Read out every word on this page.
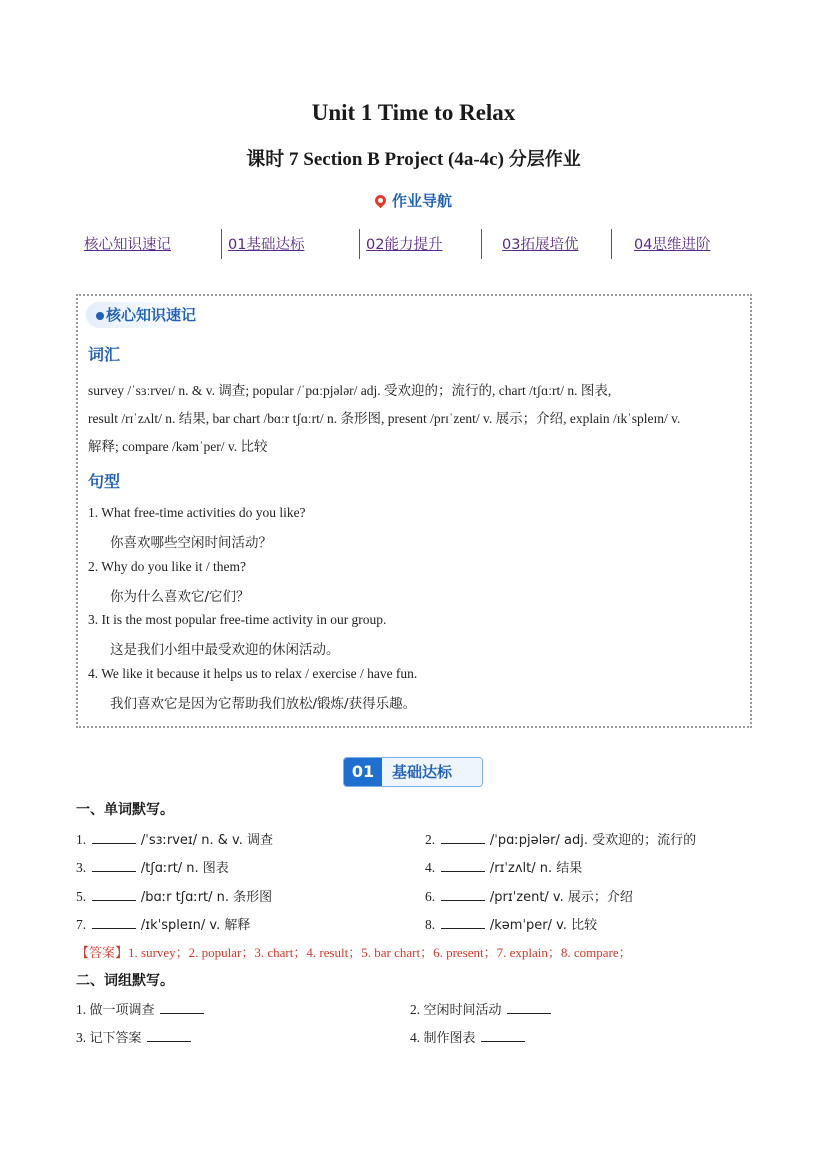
Unit 1 Time to Relax
课时 7 Section B Project (4a-4c) 分层作业
作业导航
核心知识速记	01基础达标	02能力提升	03拓展培优	04思维进阶
核心知识速记
词汇
survey /ˈsɜːrveɪ/ n. & v. 调查; popular /ˈpɑːpjələr/ adj. 受欢迎的；流行的, chart /tʃɑːrt/ n. 图表,
result /rɪˈzʌlt/ n. 结果, bar chart /bɑːr tʃɑːrt/ n. 条形图, present /prɪˈzent/ v. 展示；介绍, explain /ɪkˈspleɪn/ v.
解释; compare /kəmˈper/ v. 比较
句型
1. What free-time activities do you like?
你喜欢哪些空闲时间活动？
2. Why do you like it / them?
你为什么喜欢它/它们？
3. It is the most popular free-time activity in our group.
这是我们小组中最受欢迎的休闲活动。
4. We like it because it helps us to relax / exercise / have fun.
我们喜欢它是因为它帮助我们放松/锻炼/获得乐趣。
01	基础达标
一、单词默写。
1.	/ˈsɜːrveɪ/ n. & v. 调查	2.	/ˈpɑːpjələr/ adj. 受欢迎的；流行的
3.	/tʃɑːrt/ n. 图表	4.	/rɪˈzʌlt/ n. 结果
5.	/bɑːr tʃɑːrt/ n. 条形图	6.	/prɪˈzent/ v. 展示；介绍
7.	/ɪkˈspleɪn/ v. 解释	8.	/kəmˈper/ v. 比较
【答案】1. survey；2. popular；3. chart；4. result；5. bar chart；6. present；7. explain；8. compare；
二、词组默写。
1. 做一项调查	2. 空闲时间活动
3. 记下答案	4. 制作图表
